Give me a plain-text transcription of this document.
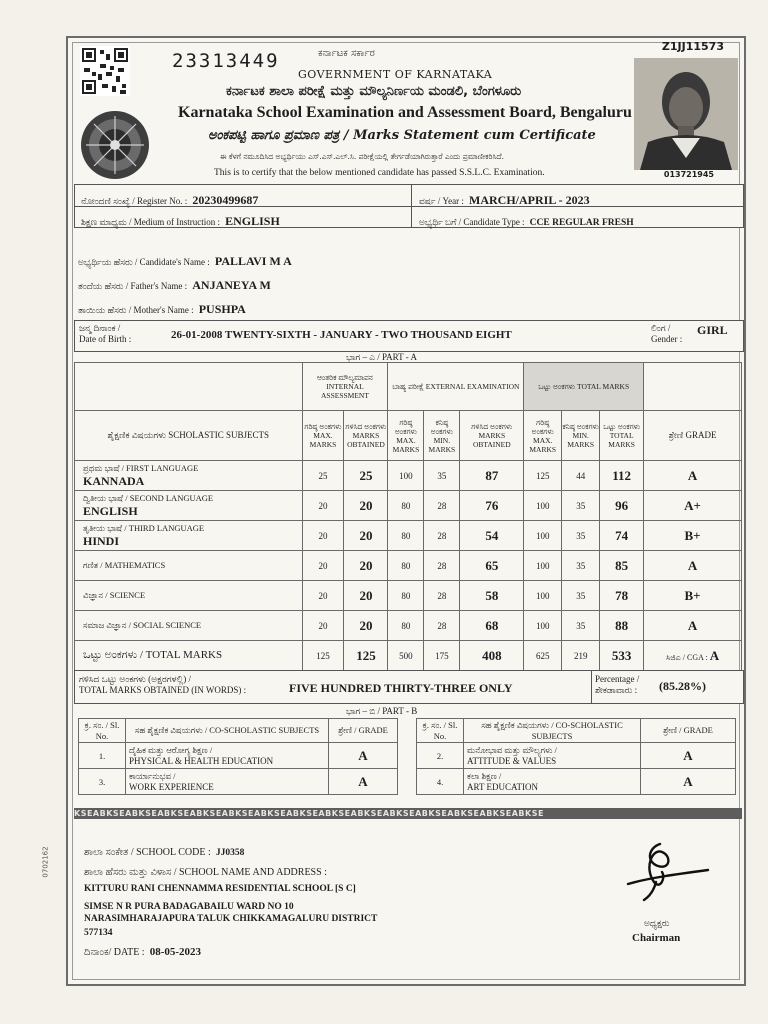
23313449
Z1JJ11573
013721945
ಕರ್ನಾಟಕ ಸರ್ಕಾರ
GOVERNMENT OF KARNATAKA
ಕರ್ನಾಟಕ ಶಾಲಾ ಪರೀಕ್ಷೆ ಮತ್ತು ಮೌಲ್ಯನಿರ್ಣಯ ಮಂಡಲಿ, ಬೆಂಗಳೂರು
Karnataka School Examination and Assessment Board, Bengaluru
ಅಂಕಪಟ್ಟಿ ಹಾಗೂ ಪ್ರಮಾಣ ಪತ್ರ / Marks Statement cum Certificate
ಈ ಕೆಳಗೆ ನಮೂದಿಸಿದ ಅಭ್ಯರ್ಥಿಯು ಎಸ್.ಎಸ್.ಎಲ್.ಸಿ. ಪರೀಕ್ಷೆಯಲ್ಲಿ ತೇರ್ಗಡೆಯಾಗಿರುತ್ತಾರೆ ಎಂದು ಪ್ರಮಾಣೀಕರಿಸಿದೆ.
This is to certify that the below mentioned candidate has passed S.S.L.C. Examination.
ನೋಂದಣಿ ಸಂಖ್ಯೆ / Register No. : 20230499687	ವರ್ಷ / Year : MARCH/APRIL - 2023
ಶಿಕ್ಷಣ ಮಾಧ್ಯಮ / Medium of Instruction : ENGLISH	ಅಭ್ಯರ್ಥಿ ಬಗೆ / Candidate Type : CCE REGULAR FRESH
ಅಭ್ಯರ್ಥಿಯ ಹೆಸರು / Candidate's Name : PALLAVI M A
ತಂದೆಯ ಹೆಸರು / Father's Name : ANJANEYA M
ತಾಯಿಯ ಹೆಸರು / Mother's Name : PUSHPA
ಜನ್ಮ ದಿನಾಂಕ /
Date of Birth :	26-01-2008 TWENTY-SIXTH - JANUARY - TWO THOUSAND EIGHT
ಲಿಂಗ /
Gender :
GIRL
ಭಾಗ – ಎ / PART - A
	ಆಂತರಿಕ ಮೌಲ್ಯಮಾಪನ INTERNAL ASSESSMENT		ಬಾಹ್ಯ ಪರೀಕ್ಷೆ EXTERNAL EXAMINATION			ಒಟ್ಟು ಅಂಕಗಳು TOTAL MARKS			
ಶೈಕ್ಷಣಿಕ ವಿಷಯಗಳು SCHOLASTIC SUBJECTS	ಗರಿಷ್ಠ ಅಂಕಗಳು MAX. MARKS	ಗಳಿಸಿದ ಅಂಕಗಳು MARKS OBTAINED	ಗರಿಷ್ಠ ಅಂಕಗಳು MAX. MARKS	ಕನಿಷ್ಠ ಅಂಕಗಳು MIN. MARKS	ಗಳಿಸಿದ ಅಂಕಗಳು MARKS OBTAINED	ಗರಿಷ್ಠ ಅಂಕಗಳು MAX. MARKS	ಕನಿಷ್ಠ ಅಂಕಗಳು MIN. MARKS	ಒಟ್ಟು ಅಂಕಗಳು TOTAL MARKS	ಶ್ರೇಣಿ GRADE
ಪ್ರಥಮ ಭಾಷೆ / FIRST LANGUAGE
KANNADA	25	25	100	35	87	125	44	112	A
ದ್ವಿತೀಯ ಭಾಷೆ / SECOND LANGUAGE
ENGLISH	20	20	80	28	76	100	35	96	A+
ತೃತೀಯ ಭಾಷೆ / THIRD LANGUAGE
HINDI	20	20	80	28	54	100	35	74	B+
ಗಣಿತ / MATHEMATICS	20	20	80	28	65	100	35	85	A
ವಿಜ್ಞಾನ / SCIENCE	20	20	80	28	58	100	35	78	B+
ಸಮಾಜ ವಿಜ್ಞಾನ / SOCIAL SCIENCE	20	20	80	28	68	100	35	88	A
ಒಟ್ಟು ಅಂಕಗಳು / TOTAL MARKS	125	125	500	175	408	625	219	533	ಸಿಜಿಎ / CGA : A
ಗಳಿಸಿದ ಒಟ್ಟು ಅಂಕಗಳು (ಅಕ್ಷರಗಳಲ್ಲಿ) /
TOTAL MARKS OBTAINED (IN WORDS) :	FIVE HUNDRED THIRTY-THREE ONLY
Percentage /
ಶೇಕಡಾವಾರು : (85.28%)
ಭಾಗ – ಬಿ / PART - B
ಕ್ರ. ಸಂ. / Sl. No.	ಸಹ ಶೈಕ್ಷಣಿಕ ವಿಷಯಗಳು / CO-SCHOLASTIC SUBJECTS	ಶ್ರೇಣಿ / GRADE
1.	ದೈಹಿಕ ಮತ್ತು ಆರೋಗ್ಯ ಶಿಕ್ಷಣ /
PHYSICAL & HEALTH EDUCATION	A
3.	ಕಾರ್ಯಾನುಭವ /
WORK EXPERIENCE	A
ಕ್ರ. ಸಂ. / Sl. No.	ಸಹ ಶೈಕ್ಷಣಿಕ ವಿಷಯಗಳು / CO-SCHOLASTIC SUBJECTS	ಶ್ರೇಣಿ / GRADE
2.	ಮನೋಭಾವ ಮತ್ತು ಮೌಲ್ಯಗಳು /
ATTITUDE & VALUES	A
4.	ಕಲಾ ಶಿಕ್ಷಣ /
ART EDUCATION	A
KSEABKSEABKSEABKSEABKSEABKSEABKSEABKSEABKSEABKSEABKSEABKSEABKSEABKSEABKSE
ಶಾಲಾ ಸಂಕೇತ / SCHOOL CODE : JJ0358
ಶಾಲಾ ಹೆಸರು ಮತ್ತು ವಿಳಾಸ / SCHOOL NAME AND ADDRESS :
KITTURU RANI CHENNAMMA RESIDENTIAL SCHOOL [S C]
SIMSE N R PURA BADAGABAILU WARD NO 10
NARASIMHARAJAPURA TALUK CHIKKAMAGALURU DISTRICT
577134
ದಿನಾಂಕ/ DATE : 08-05-2023
ಅಧ್ಯಕ್ಷರು
Chairman
0702162
